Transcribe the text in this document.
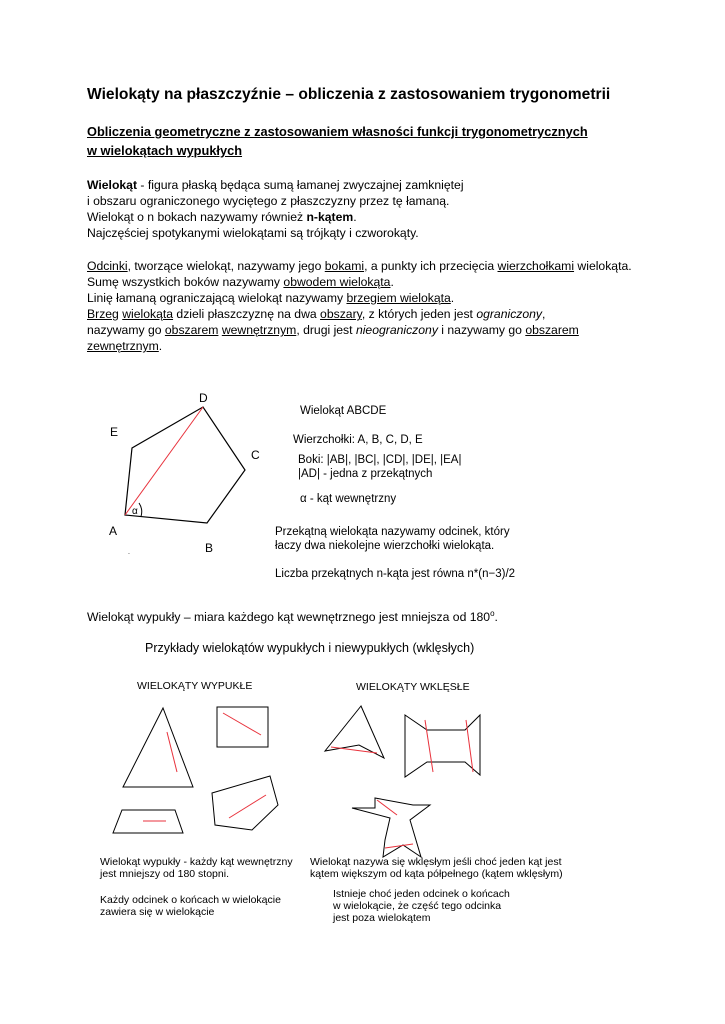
Wielokąty na płaszczyźnie – obliczenia z zastosowaniem trygonometrii

Obliczenia geometryczne z zastosowaniem własności funkcji trygonometrycznych

w wielokątach wypukłych

Wielokąt - figura płaską będąca sumą łamanej zwyczajnej zamkniętej
i obszaru ograniczonego wyciętego z płaszczyzny przez tę łamaną.
Wielokąt o n bokach nazywamy również n-kątem.
Najczęściej spotykanymi wielokątami są trójkąty i czworokąty.
Odcinki, tworzące wielokąt, nazywamy jego bokami, a punkty ich przecięcia wierzchołkami wielokąta.
Sumę wszystkich boków nazywamy obwodem wielokąta.
Linię łamaną ograniczającą wielokąt nazywamy brzegiem wielokąta.
Brzeg wielokąta dzieli płaszczyznę na dwa obszary, z których jeden jest ograniczony,
nazywamy go obszarem wewnętrznym, drugi jest nieograniczony i nazywamy go obszarem
zewnętrznym.
α
A
B
C
D
E
.
Wielokąt ABCDE
Wierzchołki: A, B, C, D, E
Boki: |AB|, |BC|, |CD|, |DE|, |EA|
|AD| - jedna z przekątnych
α - kąt wewnętrzny
Przekątną wielokąta nazywamy odcinek, który
łaczy dwa niekolejne wierzchołki wielokąta.
Liczba przekątnych n-kąta jest równa n*(n−3)/2
Wielokąt wypukły – miara każdego kąt wewnętrznego jest mniejsza od 180$^o$.
Przykłady wielokątów wypukłych i niewypukłych (wklęsłych)
WIELOKĄTY WYPUKŁE	WIELOKĄTY WKLĘSŁE
Wielokąt wypukły - każdy kąt wewnętrzny
jest mniejszy od 180 stopni.
Każdy odcinek o końcach w wielokącie
zawiera się w wielokącie
Wielokąt nazywa się wklęsłym jeśli choć jeden kąt jest
kątem większym od kąta półpełnego (kątem wklęsłym)
Istnieje choć jeden odcinek o końcach
w wielokącie, że część tego odcinka
jest poza wielokątem
